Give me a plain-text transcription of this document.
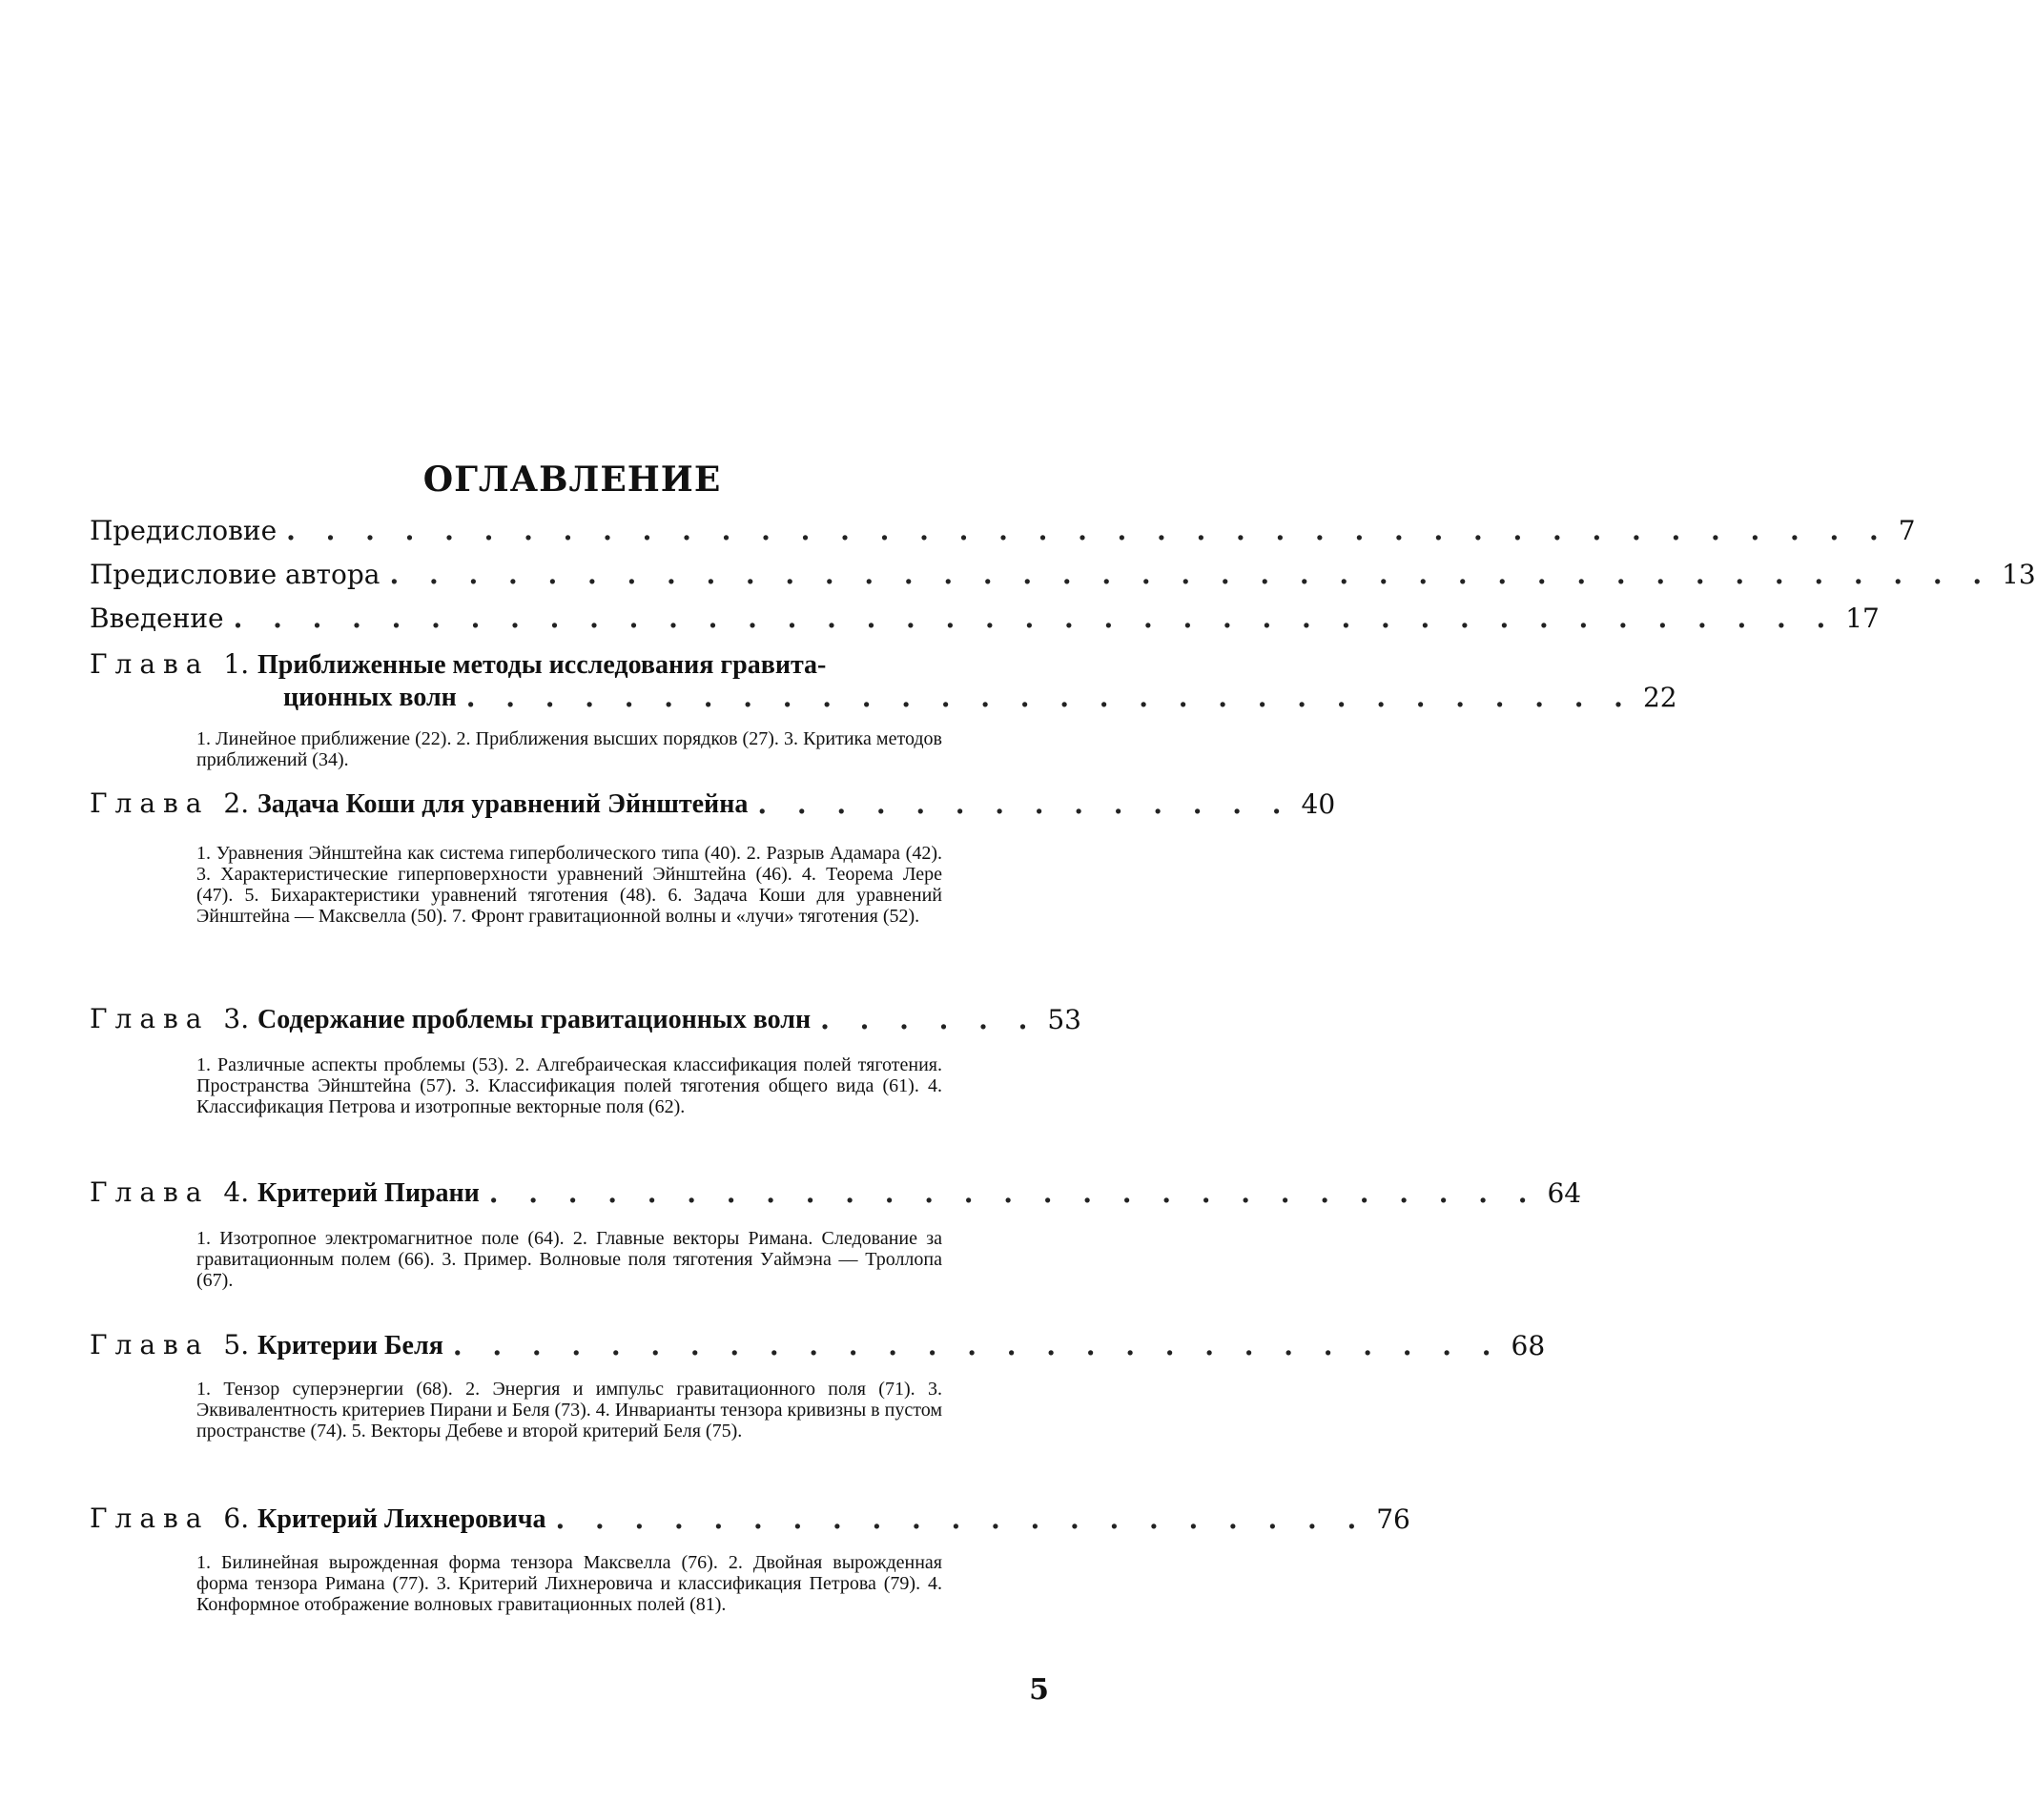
ОГЛАВЛЕНИЕ
Предисловие . . . . . . . . . . . . . . . . . . . . . . . . . . . . . . . . . . . . . . . . . 7
Предисловие автора . . . . . . . . . . . . . . . . . . . . . . . . . . . . . . . . . . . . . . . . . 13
Введение . . . . . . . . . . . . . . . . . . . . . . . . . . . . . . . . . . . . . . . . . 17
Глава 1. Приближенные методы исследования гравита-
ционных волн . . . . . . . . . . . . . . . . . . . . . . . . . . . . . . 22
1. Линейное приближение (22). 2. Приближения высших порядков (27). 3. Критика методов приближений (34).
Глава 2. Задача Коши для уравнений Эйнштейна . . . . . . . . . . . . . . 40
1. Уравнения Эйнштейна как система гиперболического типа (40). 2. Разрыв Адамара (42). 3. Характеристические гиперповерхности уравнений Эйнштейна (46). 4. Теорема Лере (47). 5. Бихарактеристики уравнений тяготения (48). 6. Задача Коши для уравнений Эйнштейна — Максвелла (50). 7. Фронт гравитационной волны и «лучи» тяготения (52).
Глава 3. Содержание проблемы гравитационных волн . . . . . . 53
1. Различные аспекты проблемы (53). 2. Алгебраическая классификация полей тяготения. Пространства Эйнштейна (57). 3. Классификация полей тяготения общего вида (61). 4. Классификация Петрова и изотропные векторные поля (62).
Глава 4. Критерий Пирани . . . . . . . . . . . . . . . . . . . . . . . . . . . 64
1. Изотропное электромагнитное поле (64). 2. Главные векторы Римана. Следование за гравитационным полем (66). 3. Пример. Волновые поля тяготения Уаймэна — Троллопа (67).
Глава 5. Критерии Беля . . . . . . . . . . . . . . . . . . . . . . . . . . . 68
1. Тензор суперэнергии (68). 2. Энергия и импульс гравитационного поля (71). 3. Эквивалентность критериев Пирани и Беля (73). 4. Инварианты тензора кривизны в пустом пространстве (74). 5. Векторы Дебеве и второй критерий Беля (75).
Глава 6. Критерий Лихнеровича . . . . . . . . . . . . . . . . . . . . . 76
1. Билинейная вырожденная форма тензора Максвелла (76). 2. Двойная вырожденная форма тензора Римана (77). 3. Критерий Лихнеровича и классификация Петрова (79). 4. Конформное отображение волновых гравитационных полей (81).
5
